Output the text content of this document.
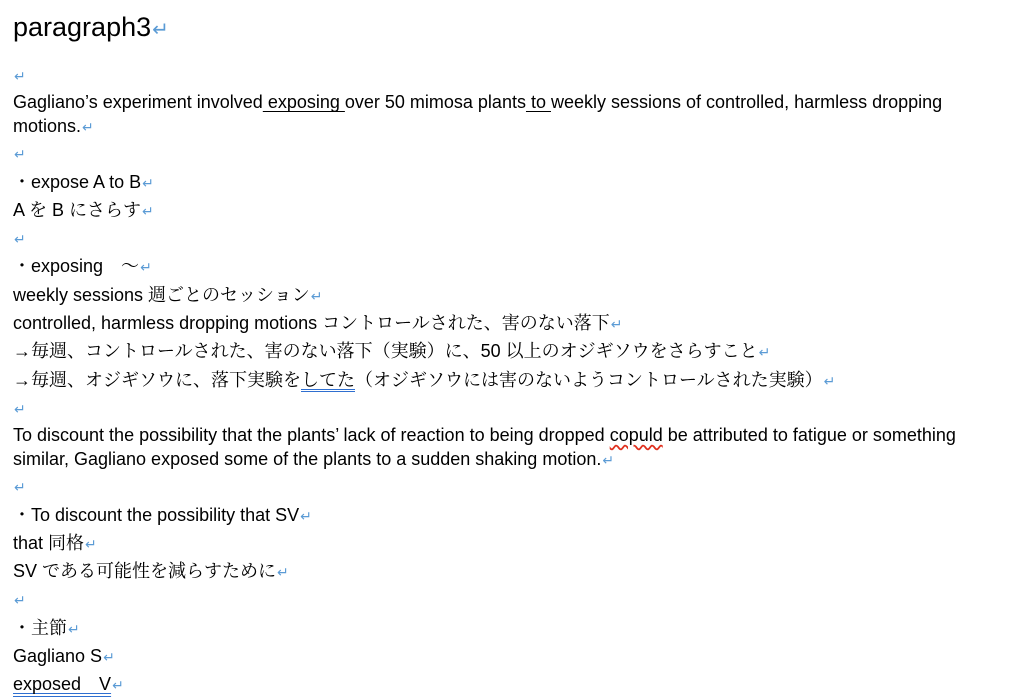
paragraph3↵
↵
Gagliano’s experiment involved exposing over 50 mimosa plants to weekly sessions of controlled, harmless dropping motions.↵
↵
・expose A to B↵
A を B にさらす↵
↵
・exposing　〜↵
weekly sessions 週ごとのセッション↵
controlled, harmless dropping motions コントロールされた、害のない落下↵
→毎週、コントロールされた、害のない落下（実験）に、50 以上のオジギソウをさらすこと↵
→毎週、オジギソウに、落下実験をしてた（オジギソウには害のないようコントロールされた実験）↵
↵
To discount the possibility that the plants’ lack of reaction to being dropped copuld be attributed to fatigue or something similar, Gagliano exposed some of the plants to a sudden shaking motion.↵
↵
・To discount the possibility that SV↵
that 同格↵
SV である可能性を減らすために↵
↵
・主節↵
Gagliano S↵
exposed　V↵
